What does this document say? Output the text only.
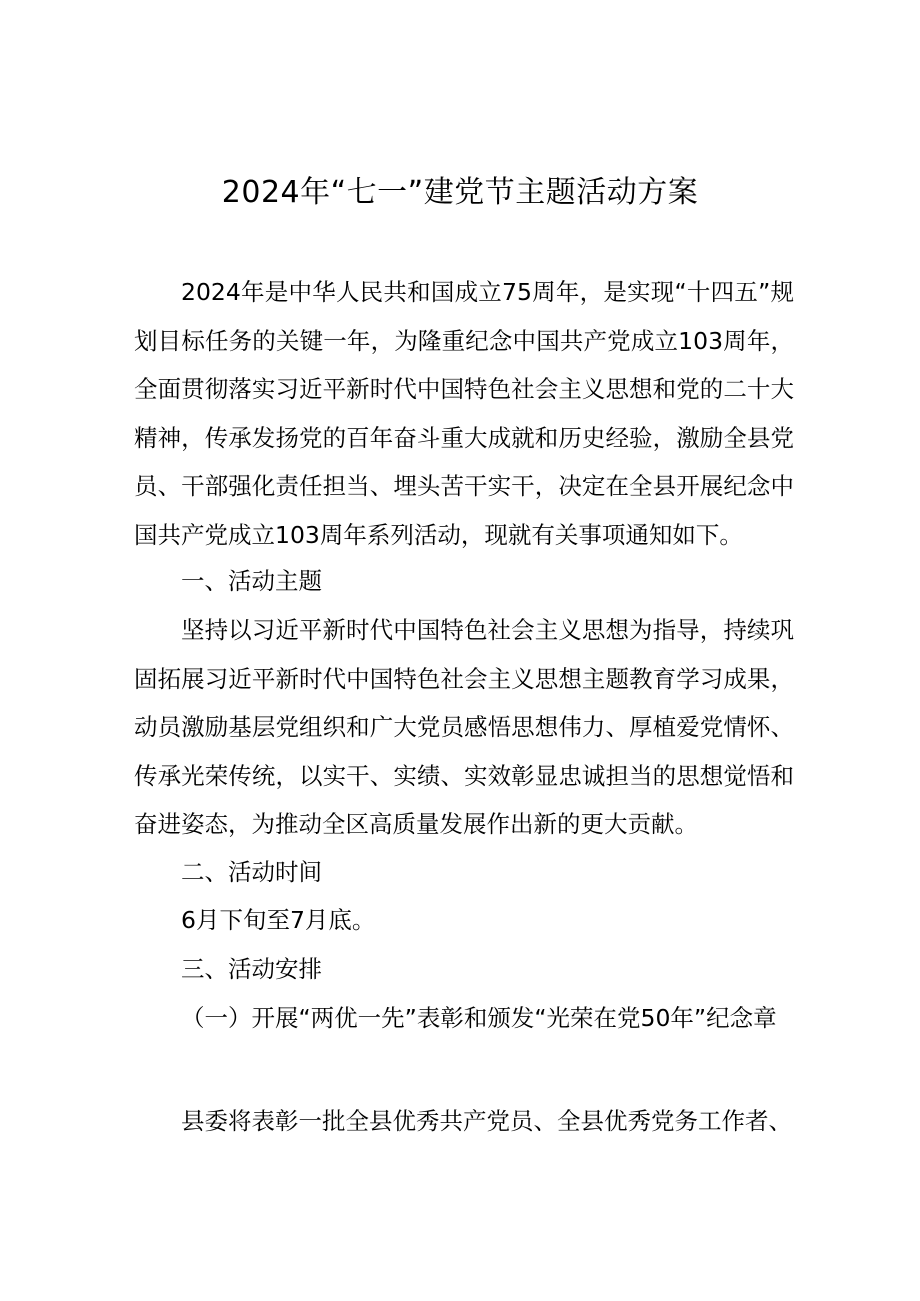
2024年“七一”建党节主题活动方案

2024年是中华人民共和国成立75周年，是实现“十四五”规划目标任务的关键一年，为隆重纪念中国共产党成立103周年，全面贯彻落实习近平新时代中国特色社会主义思想和党的二十大精神，传承发扬党的百年奋斗重大成就和历史经验，激励全县党员、干部强化责任担当、埋头苦干实干，决定在全县开展纪念中国共产党成立103周年系列活动，现就有关事项通知如下。

一、活动主题

坚持以习近平新时代中国特色社会主义思想为指导，持续巩固拓展习近平新时代中国特色社会主义思想主题教育学习成果，动员激励基层党组织和广大党员感悟思想伟力、厚植爱党情怀、传承光荣传统，以实干、实绩、实效彰显忠诚担当的思想觉悟和奋进姿态，为推动全区高质量发展作出新的更大贡献。

二、活动时间

6月下旬至7月底。

三、活动安排

（一）开展“两优一先”表彰和颁发“光荣在党50年”纪念章

县委将表彰一批全县优秀共产党员、全县优秀党务工作者、
